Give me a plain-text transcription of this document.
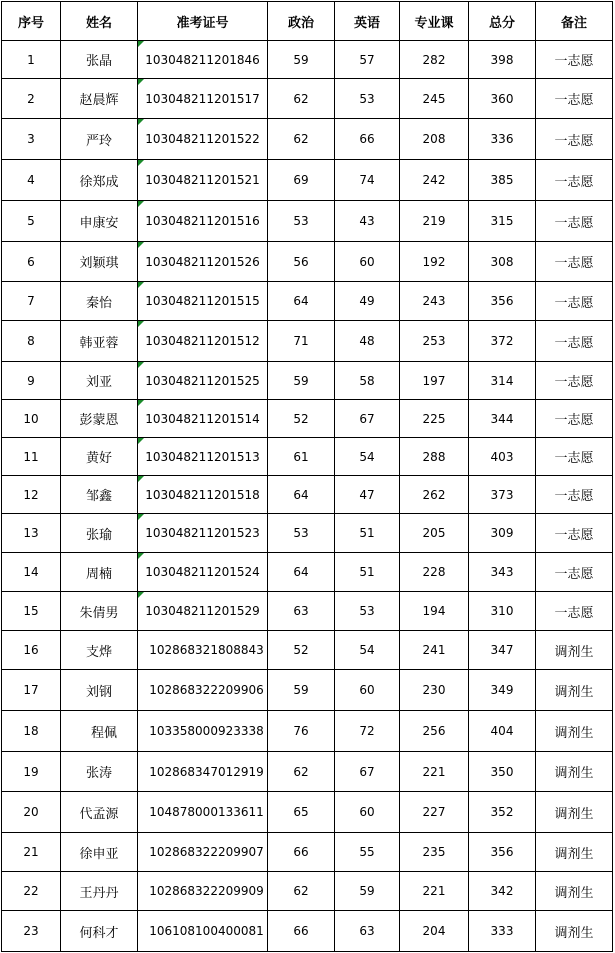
序号	姓名	准考证号	政治	英语	专业课	总分	备注
1	张晶	103048211201846	59	57	282	398	一志愿
2	赵晨辉	103048211201517	62	53	245	360	一志愿
3	严玲	103048211201522	62	66	208	336	一志愿
4	徐郑成	103048211201521	69	74	242	385	一志愿
5	申康安	103048211201516	53	43	219	315	一志愿
6	刘颖琪	103048211201526	56	60	192	308	一志愿
7	秦怡	103048211201515	64	49	243	356	一志愿
8	韩亚蓉	103048211201512	71	48	253	372	一志愿
9	刘亚	103048211201525	59	58	197	314	一志愿
10	彭蒙恩	103048211201514	52	67	225	344	一志愿
11	黄好	103048211201513	61	54	288	403	一志愿
12	邹鑫	103048211201518	64	47	262	373	一志愿
13	张瑜	103048211201523	53	51	205	309	一志愿
14	周楠	103048211201524	64	51	228	343	一志愿
15	朱倩男	103048211201529	63	53	194	310	一志愿
16	支烨	102868321808843	52	54	241	347	调剂生
17	刘钢	102868322209906	59	60	230	349	调剂生
18	程佩	103358000923338	76	72	256	404	调剂生
19	张涛	102868347012919	62	67	221	350	调剂生
20	代孟源	104878000133611	65	60	227	352	调剂生
21	徐申亚	102868322209907	66	55	235	356	调剂生
22	王丹丹	102868322209909	62	59	221	342	调剂生
23	何科才	106108100400081	66	63	204	333	调剂生
